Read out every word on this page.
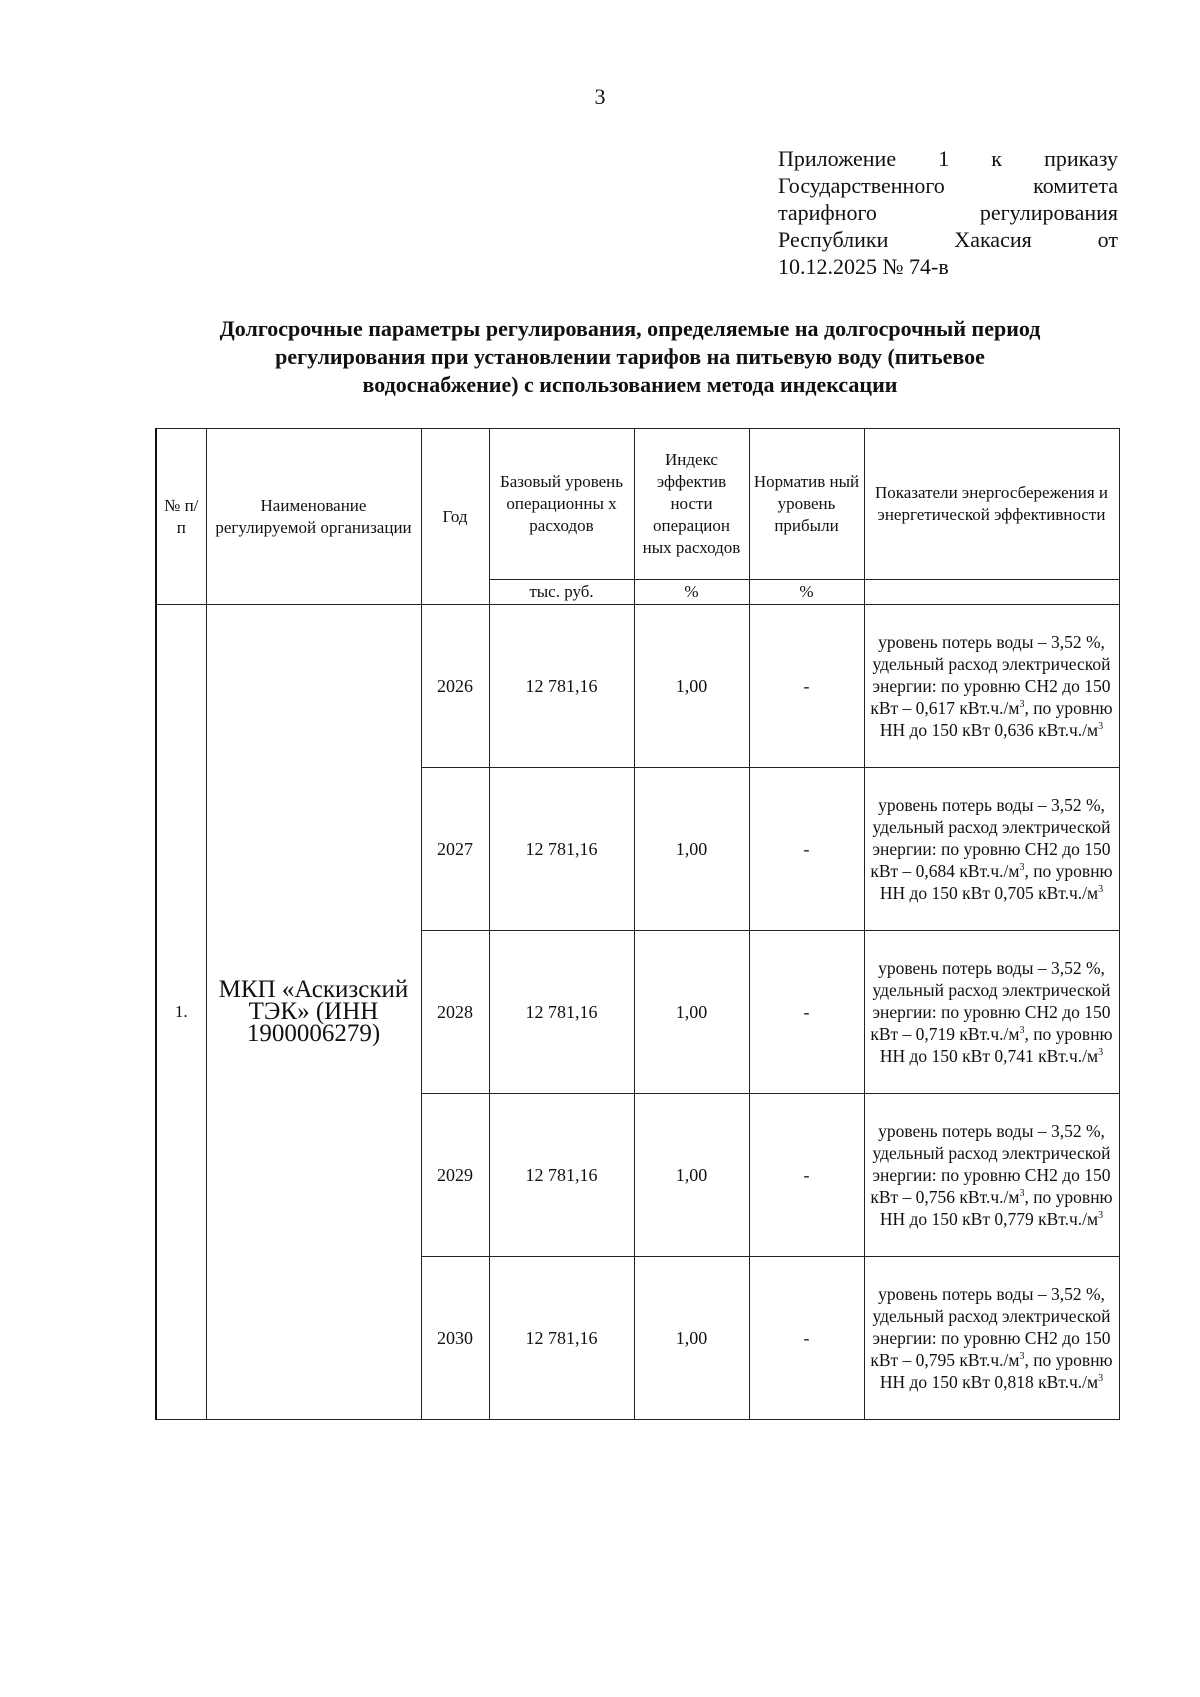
3
Приложение 1 к приказу
Государственного комитета
тарифного регулирования
Республики Хакасия от
10.12.2025 № 74-в
Долгосрочные параметры регулирования, определяемые на долгосрочный период
регулирования при установлении тарифов на питьевую воду (питьевое
водоснабжение) с использованием метода индексации
№ п/п	Наименование регулируемой организации	Год	Базовый уровень операционны х расходов	Индекс эффектив ности операцион ных расходов	Норматив ный уровень прибыли	Показатели энергосбережения и энергетической эффективности
			тыс. руб.	%	%	
1.	МКП «Аскизский ТЭК» (ИНН 1900006279)	2026	12 781,16	1,00	-	уровень потерь воды – 3,52 %, удельный расход электрической энергии: по уровню СН2 до 150 кВт – 0,617 $кВт.ч./м^3$, по уровню НН до 150 кВт 0,636 $кВт.ч./м^3$
		2027	12 781,16	1,00	-	уровень потерь воды – 3,52 %, удельный расход электрической энергии: по уровню СН2 до 150 кВт – 0,684 $кВт.ч./м^3$, по уровню НН до 150 кВт 0,705 $кВт.ч./м^3$
		2028	12 781,16	1,00	-	уровень потерь воды – 3,52 %, удельный расход электрической энергии: по уровню СН2 до 150 кВт – 0,719 $кВт.ч./м^3$, по уровню НН до 150 кВт 0,741 $кВт.ч./м^3$
		2029	12 781,16	1,00	-	уровень потерь воды – 3,52 %, удельный расход электрической энергии: по уровню СН2 до 150 кВт – 0,756 $кВт.ч./м^3$, по уровню НН до 150 кВт 0,779 $кВт.ч./м^3$
		2030	12 781,16	1,00	-	уровень потерь воды – 3,52 %, удельный расход электрической энергии: по уровню СН2 до 150 кВт – 0,795 $кВт.ч./м^3$, по уровню НН до 150 кВт 0,818 $кВт.ч./м^3$
